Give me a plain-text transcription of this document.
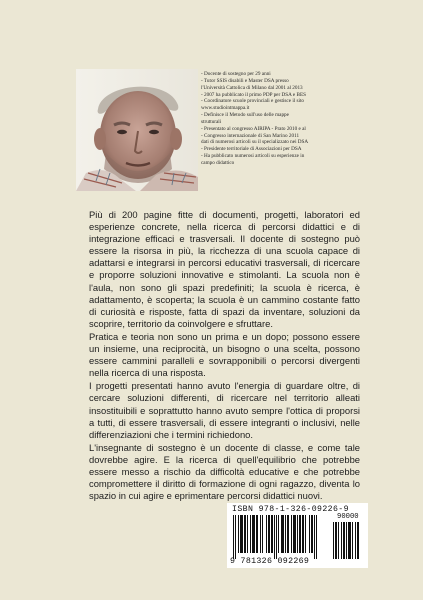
- Docente di sostegno per 29 anni

- Tutor SSIS disabili e Master DSA presso

l'Università Cattolica di Milano dal 2001 al 2013

- 2007 ha pubblicato il primo PDP per DSA e BES

- Coordinatore scuole provinciali e gestisce il sito

www.studiointmappa.it

- Definisce il Metodo sull'uso delle mappe

strutturali

- Presentato al congresso AIRIPA - Prato 2010 e al

- Congresso internazionale di San Marino 2011

dati di numerosi articoli su il specializzato nei DSA

- Presidente territoriale di Associazioni per DSA

- Ha pubblicato numerosi articoli su esperienze in

campo didattico

Più di 200 pagine fitte di documenti, progetti, laboratori ed esperienze concrete, nella ricerca di percorsi didattici e di integrazione efficaci e trasversali. Il docente di sostegno può essere la risorsa in più, la ricchezza di una scuola capace di adattarsi e integrarsi in percorsi educativi trasversali, di ricercare e proporre soluzioni innovative e stimolanti. La scuola non è l'aula, non sono gli spazi predefiniti; la scuola è ricerca, è adattamento, è scoperta; la scuola è un cammino costante fatto di curiosità e risposte, fatta di spazi da inventare, soluzioni da scoprire, territorio da coinvolgere e sfruttare.

Pratica e teoria non sono un prima e un dopo; possono essere un insieme, una reciprocità, un bisogno o una scelta, possono essere cammini paralleli e sovrapponibili o percorsi divergenti nella ricerca di una risposta.

I progetti presentati hanno avuto l'energia di guardare oltre, di cercare soluzioni differenti, di ricercare nel territorio alleati insostituibili e soprattutto hanno avuto sempre l'ottica di proporsi a tutti, di essere trasversali, di essere integranti o inclusivi, nelle differenziazioni che i termini richiedono.

L'insegnante di sostegno è un docente di classe, e come tale dovrebbe agire. E la ricerca di quell'equilibrio che potrebbe essere messo a rischio da difficoltà educative e che potrebbe compromettere il diritto di formazione di ogni ragazzo, diventa lo spazio in cui agire e eprimentare percorsi didattici nuovi.

ISBN 978-1-326-09226-9
90000
9 781326 092269
